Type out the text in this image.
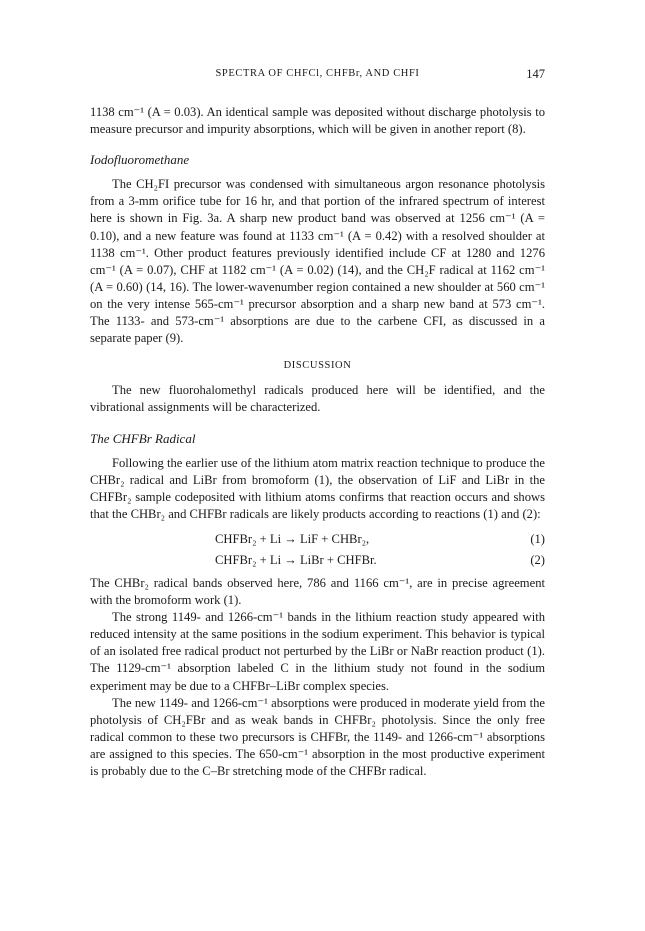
SPECTRA OF CHFCl, CHFBr, AND CHFI	147

1138 cm⁻¹ (A = 0.03). An identical sample was deposited without discharge photolysis to measure precursor and impurity absorptions, which will be given in another report (8).

Iodofluoromethane

The CH₂FI precursor was condensed with simultaneous argon resonance photolysis from a 3-mm orifice tube for 16 hr, and that portion of the infrared spectrum of interest here is shown in Fig. 3a. A sharp new product band was observed at 1256 cm⁻¹ (A = 0.10), and a new feature was found at 1133 cm⁻¹ (A = 0.42) with a resolved shoulder at 1138 cm⁻¹. Other product features previously identified include CF at 1280 and 1276 cm⁻¹ (A = 0.07), CHF at 1182 cm⁻¹ (A = 0.02) (14), and the CH₂F radical at 1162 cm⁻¹ (A = 0.60) (14, 16). The lower-wavenumber region contained a new shoulder at 560 cm⁻¹ on the very intense 565-cm⁻¹ precursor absorption and a sharp new band at 573 cm⁻¹. The 1133- and 573-cm⁻¹ absorptions are due to the carbene CFI, as discussed in a separate paper (9).

DISCUSSION

The new fluorohalomethyl radicals produced here will be identified, and the vibrational assignments will be characterized.

The CHFBr Radical

Following the earlier use of the lithium atom matrix reaction technique to produce the CHBr₂ radical and LiBr from bromoform (1), the observation of LiF and LiBr in the CHFBr₂ sample codeposited with lithium atoms confirms that reaction occurs and shows that the CHBr₂ and CHFBr radicals are likely products according to reactions (1) and (2):

CHFBr₂ + Li → LiF + CHBr₂,	(1)
CHFBr₂ + Li → LiBr + CHFBr.	(2)

The CHBr₂ radical bands observed here, 786 and 1166 cm⁻¹, are in precise agreement with the bromoform work (1).

The strong 1149- and 1266-cm⁻¹ bands in the lithium reaction study appeared with reduced intensity at the same positions in the sodium experiment. This behavior is typical of an isolated free radical product not perturbed by the LiBr or NaBr reaction product (1). The 1129-cm⁻¹ absorption labeled C in the lithium study not found in the sodium experiment may be due to a CHFBr–LiBr complex species.

The new 1149- and 1266-cm⁻¹ absorptions were produced in moderate yield from the photolysis of CH₂FBr and as weak bands in CHFBr₂ photolysis. Since the only free radical common to these two precursors is CHFBr, the 1149- and 1266-cm⁻¹ absorptions are assigned to this species. The 650-cm⁻¹ absorption in the most productive experiment is probably due to the C–Br stretching mode of the CHFBr radical.
